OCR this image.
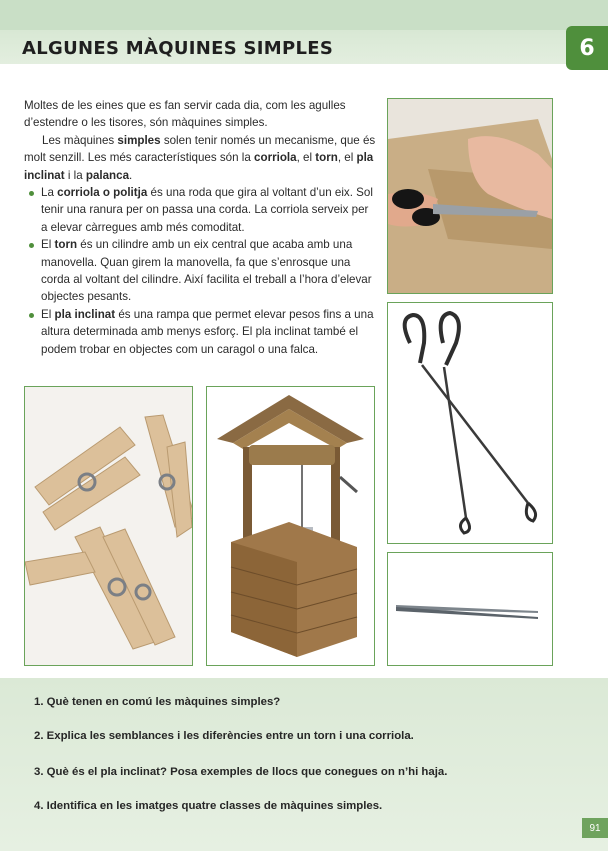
ALGUNES MÀQUINES SIMPLES	6

Moltes de les eines que es fan servir cada dia, com les agulles d’estendre o les tisores, són màquines simples.

Les màquines simples solen tenir només un mecanisme, que és molt senzill. Les més característiques són la corriola, el torn, el pla inclinat i la palanca.

La corriola o politja és una roda que gira al voltant d’un eix. Sol tenir una ranura per on passa una corda. La corriola serveix per a elevar càrregues amb més comoditat.
El torn és un cilindre amb un eix central que acaba amb una manovella. Quan girem la manovella, fa que s’enrosque una corda al voltant del cilindre. Així facilita el treball a l’hora d’elevar objectes pesants.
El pla inclinat és una rampa que permet elevar pesos fins a una altura determinada amb menys esforç. El pla inclinat també el podem trobar en objectes com un caragol o una falca.
1. Què tenen en comú les màquines simples?
2. Explica les semblances i les diferències entre un torn i una corriola.
3. Què és el pla inclinat? Posa exemples de llocs que conegues on n’hi haja.
4. Identifica en les imatges quatre classes de màquines simples.
91
